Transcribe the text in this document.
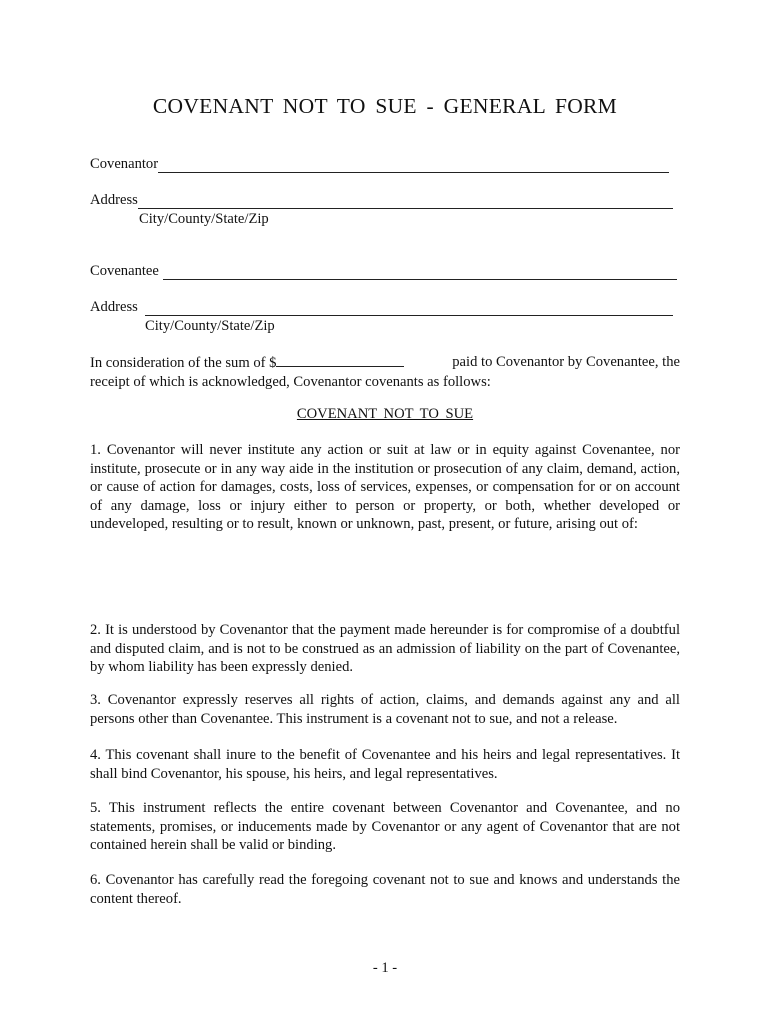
COVENANT NOT TO SUE - GENERAL FORM
Covenantor
Address
City/County/State/Zip
Covenantee
Address
City/County/State/Zip
In consideration of the sum of $	paid to Covenantor by Covenantee, the
receipt of which is acknowledged, Covenantor covenants as follows:
COVENANT NOT TO SUE
1. Covenantor will never institute any action or suit at law or in equity against Covenantee, nor institute, prosecute or in any way aide in the institution or prosecution of any claim, demand, action, or cause of action for damages, costs, loss of services, expenses, or compensation for or on account of any damage, loss or injury either to person or property, or both, whether developed or undeveloped, resulting or to result, known or unknown, past, present, or future, arising out of:
2. It is understood by Covenantor that the payment made hereunder is for compromise of a doubtful and disputed claim, and is not to be construed as an admission of liability on the part of Covenantee, by whom liability has been expressly denied.
3. Covenantor expressly reserves all rights of action, claims, and demands against any and all persons other than Covenantee. This instrument is a covenant not to sue, and not a release.
4. This covenant shall inure to the benefit of Covenantee and his heirs and legal representatives. It shall bind Covenantor, his spouse, his heirs, and legal representatives.
5. This instrument reflects the entire covenant between Covenantor and Covenantee, and no statements, promises, or inducements made by Covenantor or any agent of Covenantor that are not contained herein shall be valid or binding.
6. Covenantor has carefully read the foregoing covenant not to sue and knows and understands the content thereof.
- 1 -
